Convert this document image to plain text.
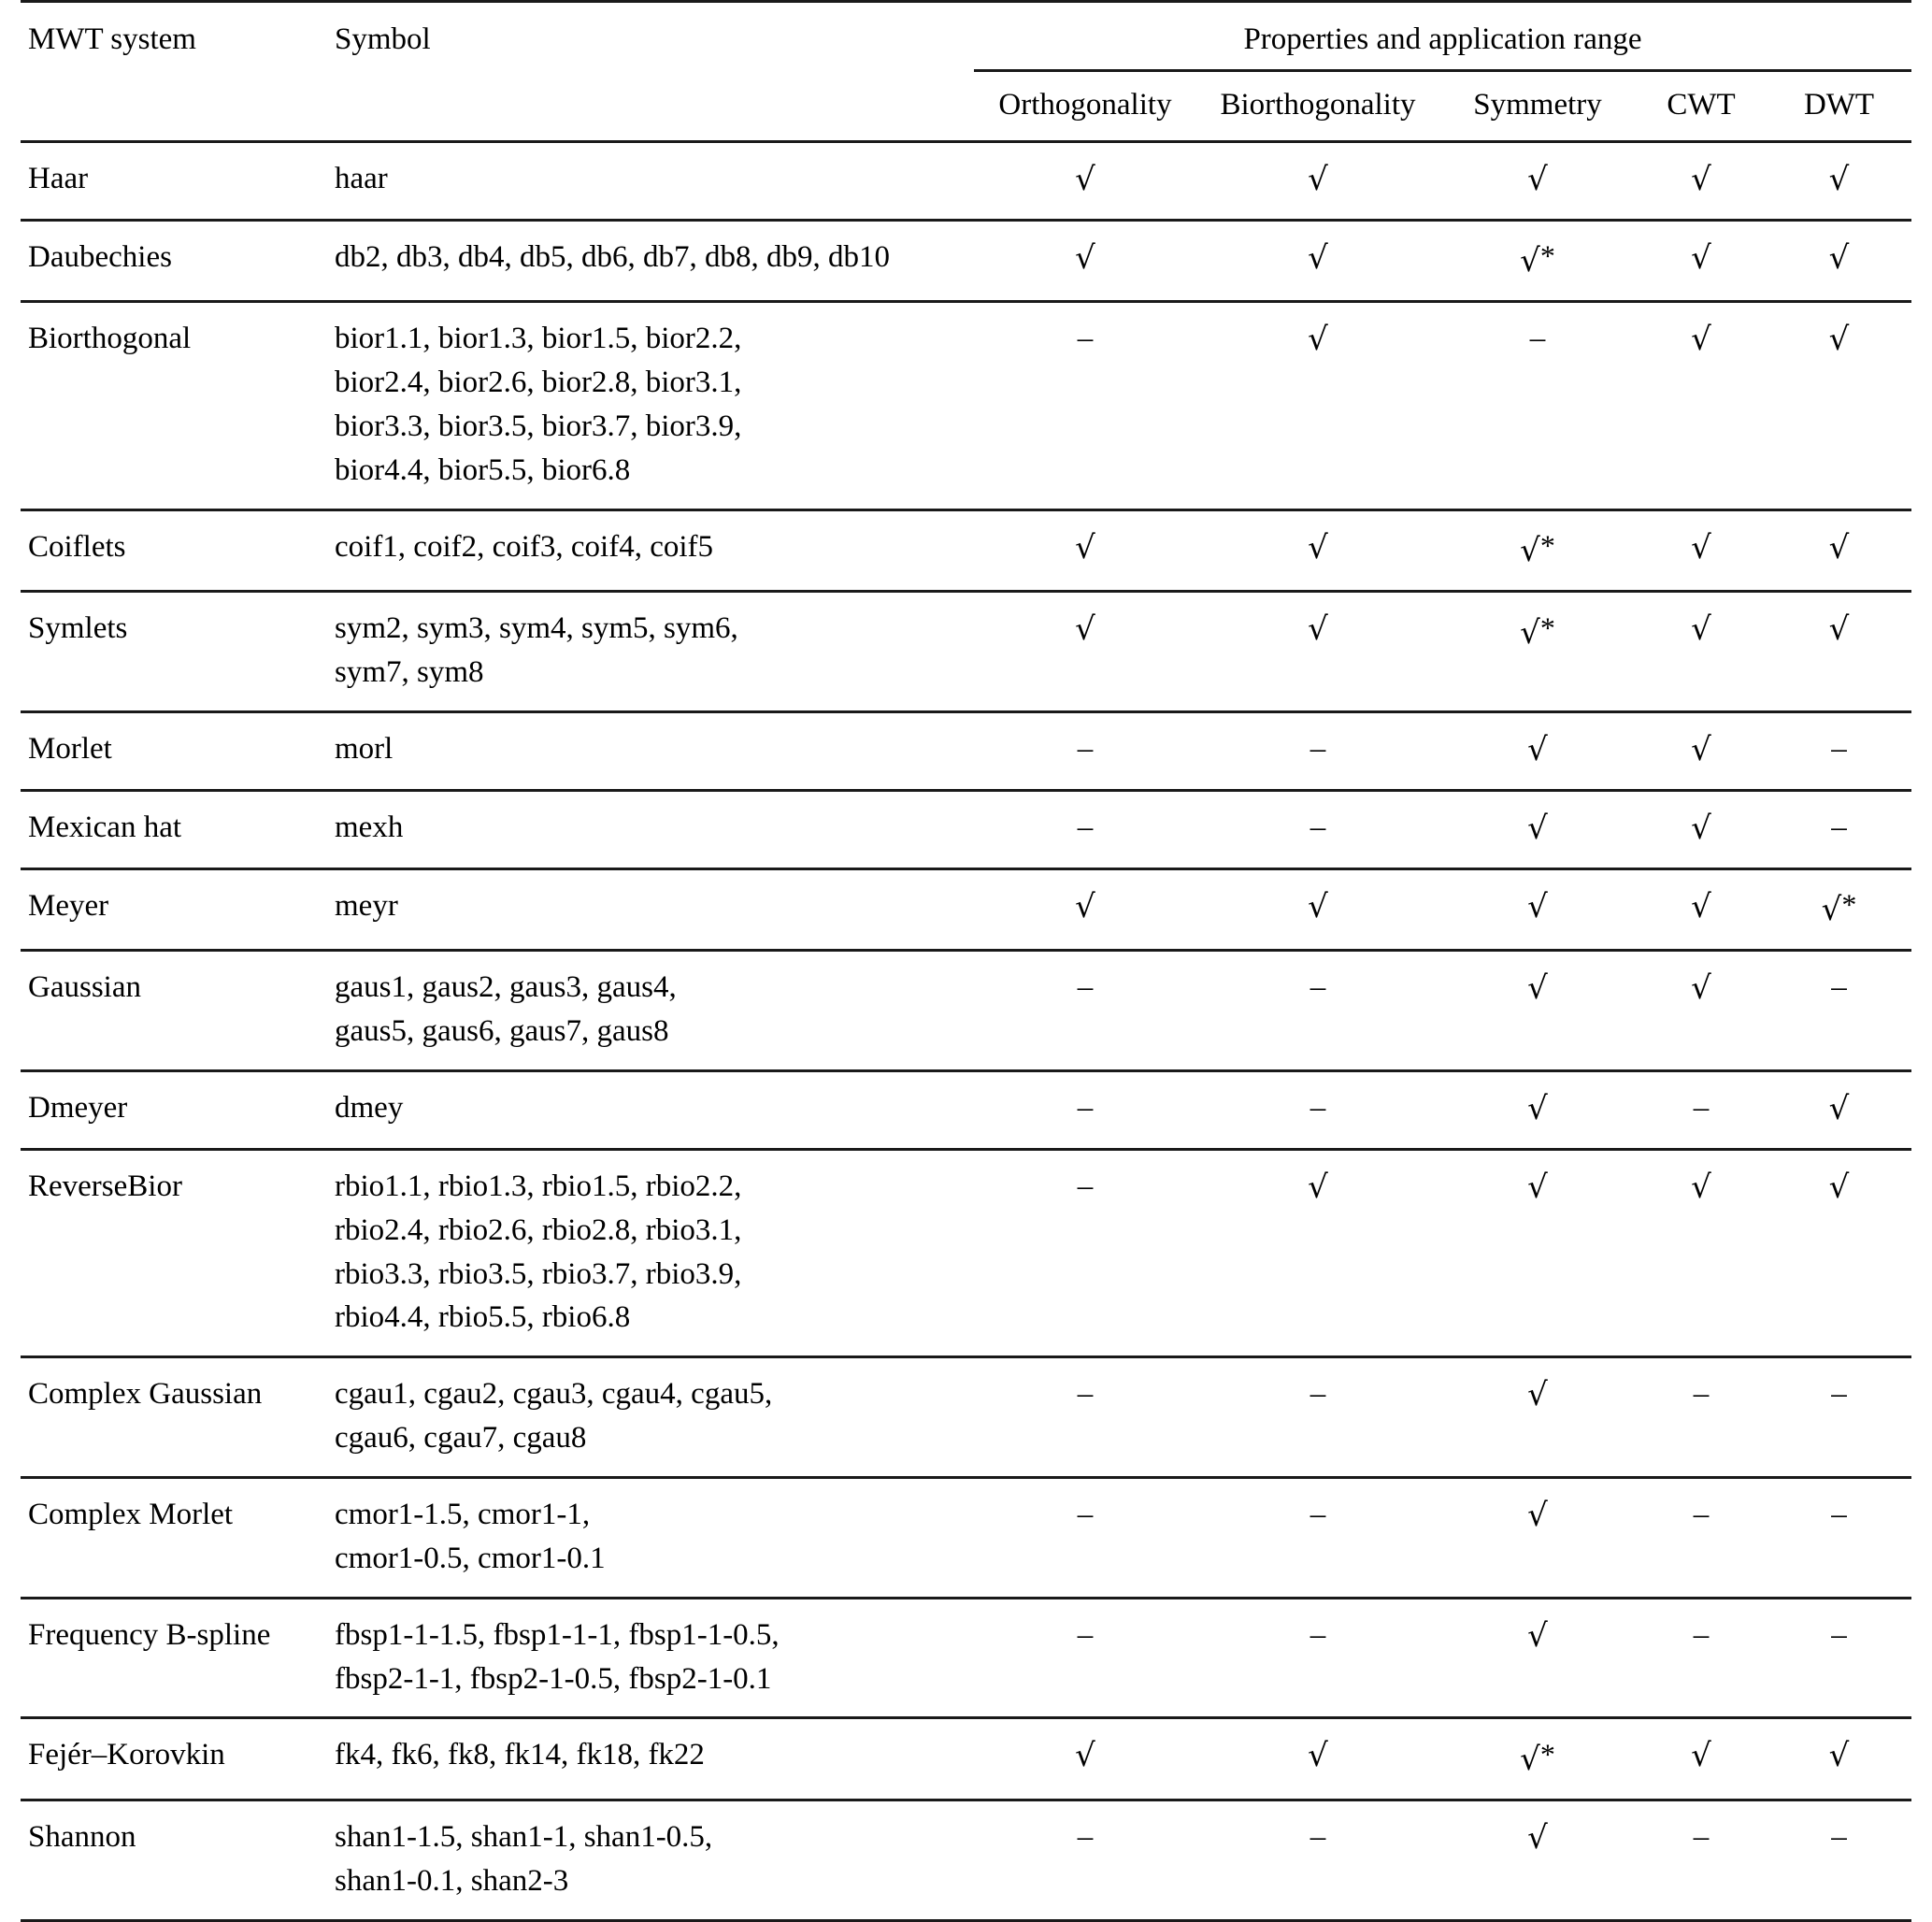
MWT system	Symbol	Properties and application range				

		Orthogonality	Biorthogonality	Symmetry	CWT	DWT
Haar	haar	√	√	√	√	√
Daubechies	db2, db3, db4, db5, db6, db7, db8, db9, db10	√	√	√*	√	√
Biorthogonal	bior1.1, bior1.3, bior1.5, bior2.2,
bior2.4, bior2.6, bior2.8, bior3.1,
bior3.3, bior3.5, bior3.7, bior3.9,
bior4.4, bior5.5, bior6.8	–	√	–	√	√
Coiflets	coif1, coif2, coif3, coif4, coif5	√	√	√*	√	√
Symlets	sym2, sym3, sym4, sym5, sym6,
sym7, sym8	√	√	√*	√	√
Morlet	morl	–	–	√	√	–
Mexican hat	mexh	–	–	√	√	–
Meyer	meyr	√	√	√	√	√*
Gaussian	gaus1, gaus2, gaus3, gaus4,
gaus5, gaus6, gaus7, gaus8	–	–	√	√	–
Dmeyer	dmey	–	–	√	–	√
ReverseBior	rbio1.1, rbio1.3, rbio1.5, rbio2.2,
rbio2.4, rbio2.6, rbio2.8, rbio3.1,
rbio3.3, rbio3.5, rbio3.7, rbio3.9,
rbio4.4, rbio5.5, rbio6.8	–	√	√	√	√
Complex Gaussian	cgau1, cgau2, cgau3, cgau4, cgau5,
cgau6, cgau7, cgau8	–	–	√	–	–
Complex Morlet	cmor1-1.5, cmor1-1,
cmor1-0.5, cmor1-0.1	–	–	√	–	–
Frequency B-spline	fbsp1-1-1.5, fbsp1-1-1, fbsp1-1-0.5,
fbsp2-1-1, fbsp2-1-0.5, fbsp2-1-0.1	–	–	√	–	–
Fejér–Korovkin	fk4, fk6, fk8, fk14, fk18, fk22	√	√	√*	√	√
Shannon	shan1-1.5, shan1-1, shan1-0.5,
shan1-0.1, shan2-3	–	–	√	–	–
